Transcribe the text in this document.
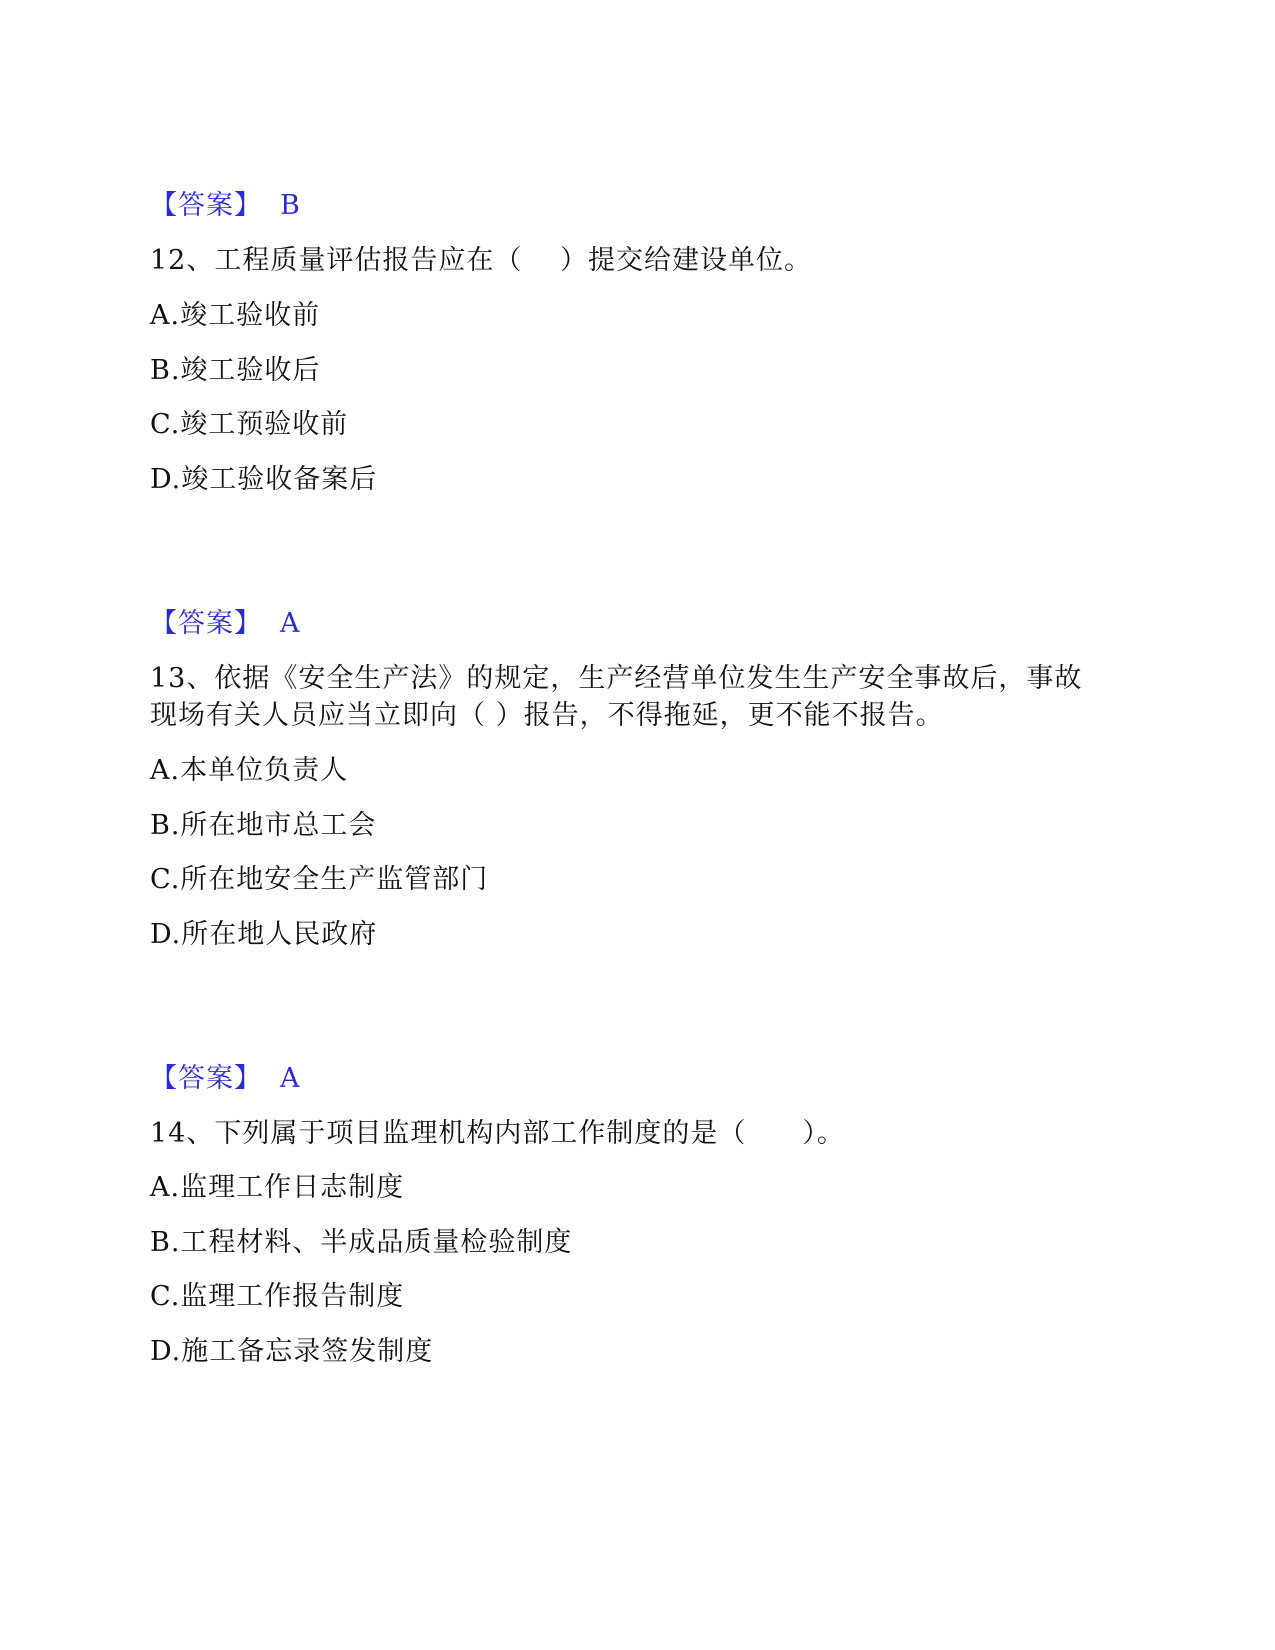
【答案】 B
12、工程质量评估报告应在（　 ）提交给建设单位。
A.竣工验收前
B.竣工验收后
C.竣工预验收前
D.竣工验收备案后
【答案】 A
13、依据《安全生产法》的规定，生产经营单位发生生产安全事故后，事故
现场有关人员应当立即向（ ）报告，不得拖延，更不能不报告。
A.本单位负责人
B.所在地市总工会
C.所在地安全生产监管部门
D.所在地人民政府
【答案】 A
14、下列属于项目监理机构内部工作制度的是（　　）。
A.监理工作日志制度
B.工程材料、半成品质量检验制度
C.监理工作报告制度
D.施工备忘录签发制度
